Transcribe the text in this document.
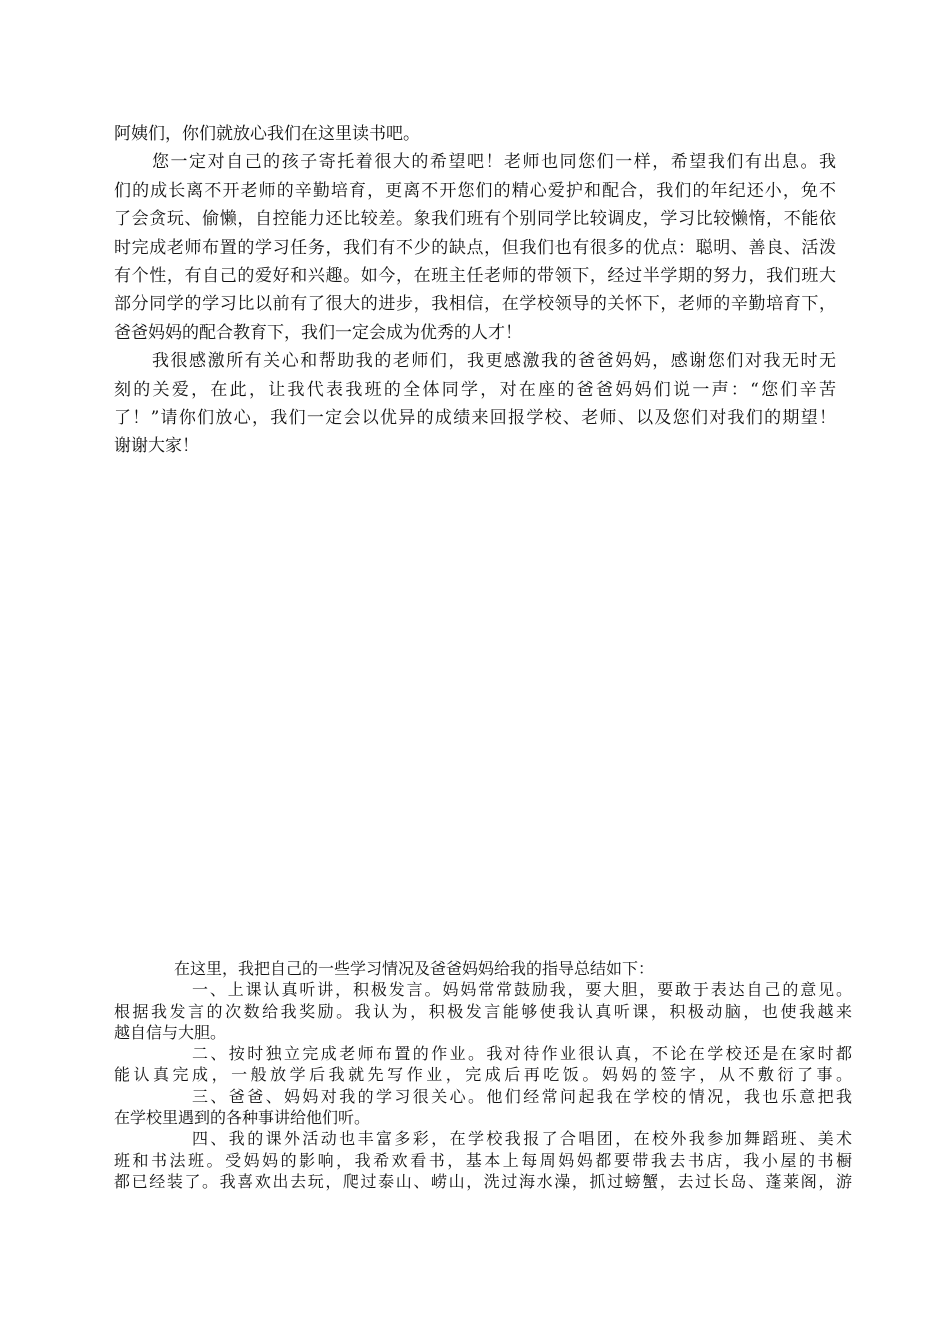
阿姨们，你们就放心我们在这里读书吧。
您一定对自己的孩子寄托着很大的希望吧！老师也同您们一样，希望我们有出息。我
们的成长离不开老师的辛勤培育，更离不开您们的精心爱护和配合，我们的年纪还小，免不
了会贪玩、偷懒，自控能力还比较差。象我们班有个别同学比较调皮，学习比较懒惰，不能依
时完成老师布置的学习任务，我们有不少的缺点，但我们也有很多的优点：聪明、善良、活泼
有个性，有自己的爱好和兴趣。如今，在班主任老师的带领下，经过半学期的努力，我们班大
部分同学的学习比以前有了很大的进步，我相信，在学校领导的关怀下，老师的辛勤培育下，
爸爸妈妈的配合教育下，我们一定会成为优秀的人才！
我很感激所有关心和帮助我的老师们，我更感激我的爸爸妈妈，感谢您们对我无时无
刻的关爱，在此，让我代表我班的全体同学，对在座的爸爸妈妈们说一声：“您们辛苦
了！”请你们放心，我们一定会以优异的成绩来回报学校、老师、以及您们对我们的期望！
谢谢大家！
在这里，我把自己的一些学习情况及爸爸妈妈给我的指导总结如下：
一、上课认真听讲，积极发言。妈妈常常鼓励我，要大胆，要敢于表达自己的意见。
根据我发言的次数给我奖励。我认为，积极发言能够使我认真听课，积极动脑，也使我越来
越自信与大胆。
二、按时独立完成老师布置的作业。我对待作业很认真，不论在学校还是在家时都
能认真完成，一般放学后我就先写作业，完成后再吃饭。妈妈的签字，从不敷衍了事。
三、爸爸、妈妈对我的学习很关心。他们经常问起我在学校的情况，我也乐意把我
在学校里遇到的各种事讲给他们听。
四、我的课外活动也丰富多彩，在学校我报了合唱团，在校外我参加舞蹈班、美术
班和书法班。受妈妈的影响，我希欢看书，基本上每周妈妈都要带我去书店，我小屋的书橱
都已经装了。我喜欢出去玩，爬过泰山、崂山，洗过海水澡，抓过螃蟹，去过长岛、蓬莱阁，游
